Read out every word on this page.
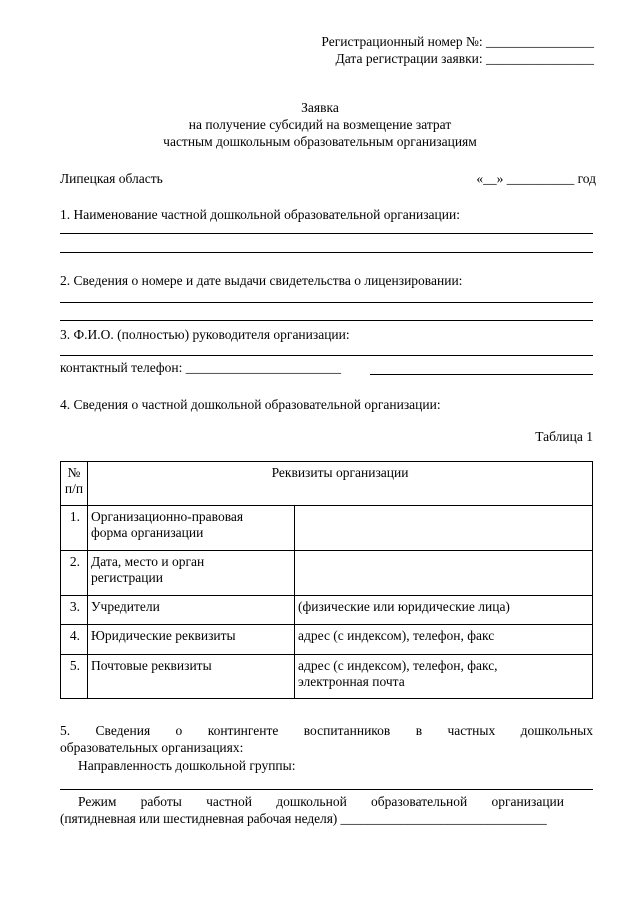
Регистрационный номер №: ________________
Дата регистрации заявки: ________________
Заявка
на получение субсидий на возмещение затрат
частным дошкольным образовательным организациям
Липецкая область	«__» __________ год
1. Наименование частной дошкольной образовательной организации:
2. Сведения о номере и дате выдачи свидетельства о лицензировании:
3. Ф.И.О. (полностью) руководителя организации:
контактный телефон: _______________________
4. Сведения о частной дошкольной образовательной организации:
Таблица 1
№
п/п	Реквизиты организации	
1.	Организационно-правовая
форма организации	
2.	Дата, место и орган
регистрации	
3.	Учредители	(физические или юридические лица)
4.	Юридические реквизиты	адрес (с индексом), телефон, факс
5.	Почтовые реквизиты	адрес (с индексом), телефон, факс,
электронная почта
5. Сведения о контингенте воспитанников в частных дошкольных
образовательных организациях:
Направленность дошкольной группы:
Режим работы частной дошкольной образовательной организации
(пятидневная или шестидневная рабочая неделя) _______________________________
